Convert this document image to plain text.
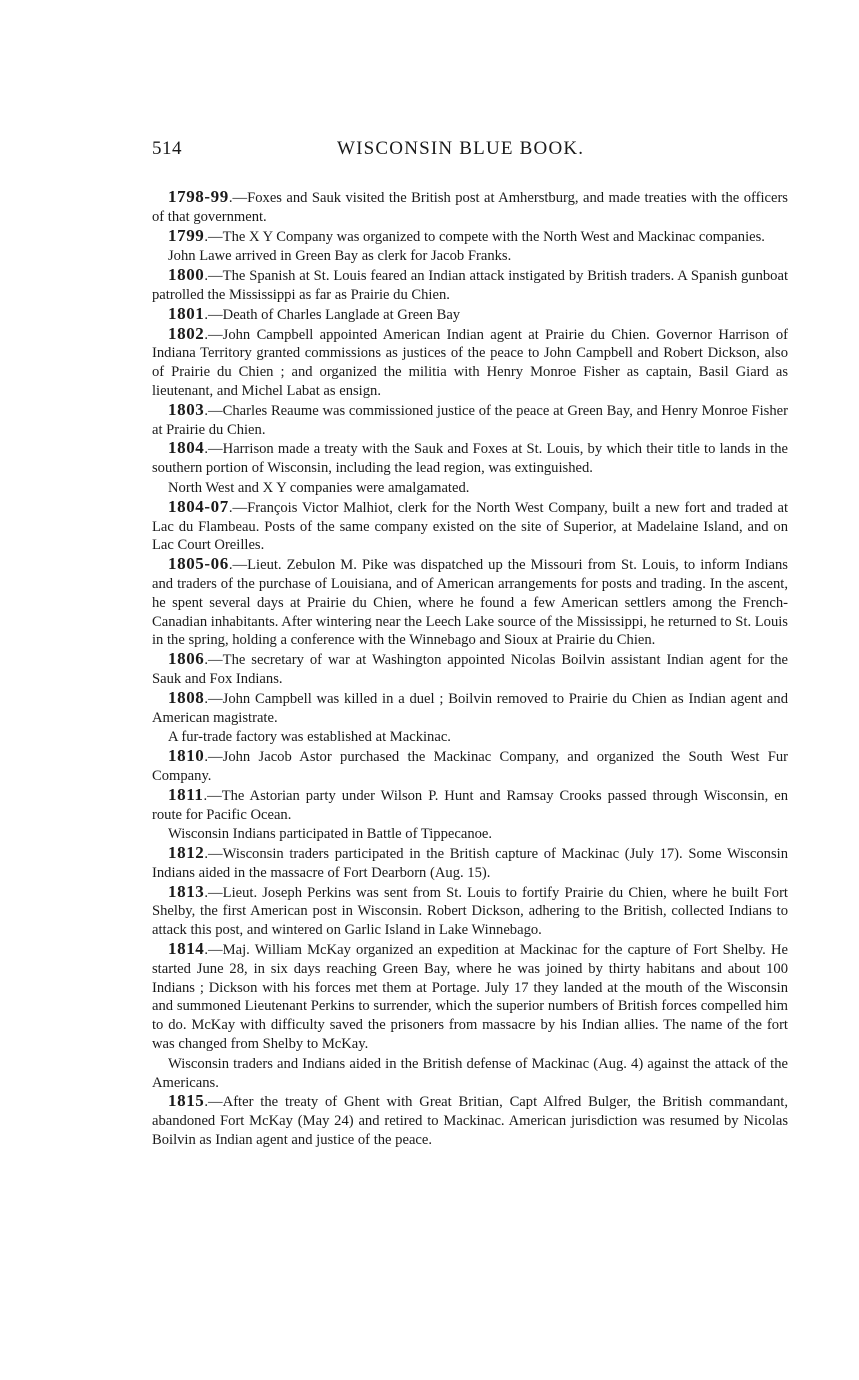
514	WISCONSIN BLUE BOOK.

1798-99.—Foxes and Sauk visited the British post at Amherstburg, and made treaties with the officers of that government.

1799.—The X Y Company was organized to compete with the North West and Mackinac companies.

John Lawe arrived in Green Bay as clerk for Jacob Franks.

1800.—The Spanish at St. Louis feared an Indian attack instigated by British traders. A Spanish gunboat patrolled the Mississippi as far as Prairie du Chien.

1801.—Death of Charles Langlade at Green Bay

1802.—John Campbell appointed American Indian agent at Prairie du Chien. Governor Harrison of Indiana Territory granted commissions as justices of the peace to John Campbell and Robert Dickson, also of Prairie du Chien ; and organized the militia with Henry Monroe Fisher as captain, Basil Giard as lieutenant, and Michel Labat as ensign.

1803.—Charles Reaume was commissioned justice of the peace at Green Bay, and Henry Monroe Fisher at Prairie du Chien.

1804.—Harrison made a treaty with the Sauk and Foxes at St. Louis, by which their title to lands in the southern portion of Wisconsin, including the lead region, was extinguished.

North West and X Y companies were amalgamated.

1804-07.—François Victor Malhiot, clerk for the North West Company, built a new fort and traded at Lac du Flambeau. Posts of the same company existed on the site of Superior, at Madelaine Island, and on Lac Court Oreilles.

1805-06.—Lieut. Zebulon M. Pike was dispatched up the Missouri from St. Louis, to inform Indians and traders of the purchase of Louisiana, and of American arrangements for posts and trading. In the ascent, he spent several days at Prairie du Chien, where he found a few American settlers among the French-Canadian inhabitants. After wintering near the Leech Lake source of the Mississippi, he returned to St. Louis in the spring, holding a conference with the Winnebago and Sioux at Prairie du Chien.

1806.—The secretary of war at Washington appointed Nicolas Boilvin assistant Indian agent for the Sauk and Fox Indians.

1808.—John Campbell was killed in a duel ; Boilvin removed to Prairie du Chien as Indian agent and American magistrate.

A fur-trade factory was established at Mackinac.

1810.—John Jacob Astor purchased the Mackinac Company, and organized the South West Fur Company.

1811.—The Astorian party under Wilson P. Hunt and Ramsay Crooks passed through Wisconsin, en route for Pacific Ocean.

Wisconsin Indians participated in Battle of Tippecanoe.

1812.—Wisconsin traders participated in the British capture of Mackinac (July 17). Some Wisconsin Indians aided in the massacre of Fort Dearborn (Aug. 15).

1813.—Lieut. Joseph Perkins was sent from St. Louis to fortify Prairie du Chien, where he built Fort Shelby, the first American post in Wisconsin. Robert Dickson, adhering to the British, collected Indians to attack this post, and wintered on Garlic Island in Lake Winnebago.

1814.—Maj. William McKay organized an expedition at Mackinac for the capture of Fort Shelby. He started June 28, in six days reaching Green Bay, where he was joined by thirty habitans and about 100 Indians ; Dickson with his forces met them at Portage. July 17 they landed at the mouth of the Wisconsin and summoned Lieutenant Perkins to surrender, which the superior numbers of British forces compelled him to do. McKay with difficulty saved the prisoners from massacre by his Indian allies. The name of the fort was changed from Shelby to McKay.

Wisconsin traders and Indians aided in the British defense of Mackinac (Aug. 4) against the attack of the Americans.

1815.—After the treaty of Ghent with Great Britian, Capt Alfred Bulger, the British commandant, abandoned Fort McKay (May 24) and retired to Mackinac. American jurisdiction was resumed by Nicolas Boilvin as Indian agent and justice of the peace.
